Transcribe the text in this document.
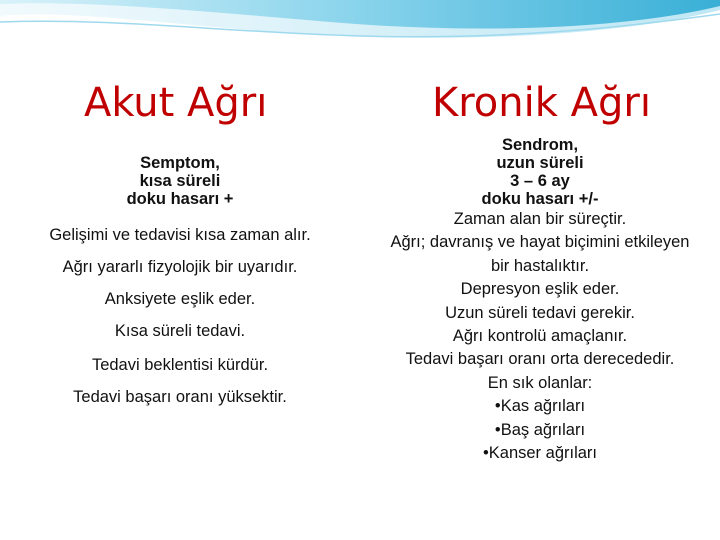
Akut Ağrı	Kronik Ağrı
Semptom,
kısa süreli
doku hasarı +
Gelişimi ve tedavisi kısa zaman alır.
Ağrı yararlı fizyolojik bir uyarıdır.
Anksiyete eşlik eder.
Kısa süreli tedavi.
Tedavi beklentisi kürdür.
Tedavi başarı oranı yüksektir.
Sendrom,
uzun süreli
3 – 6 ay
doku hasarı +/-
Zaman alan bir süreçtir.
Ağrı; davranış ve hayat biçimini etkileyen
bir hastalıktır.
Depresyon eşlik eder.
Uzun süreli tedavi gerekir.
Ağrı kontrolü amaçlanır.
Tedavi başarı oranı orta derecededir.
En sık olanlar:
•Kas ağrıları
•Baş ağrıları
•Kanser ağrıları
